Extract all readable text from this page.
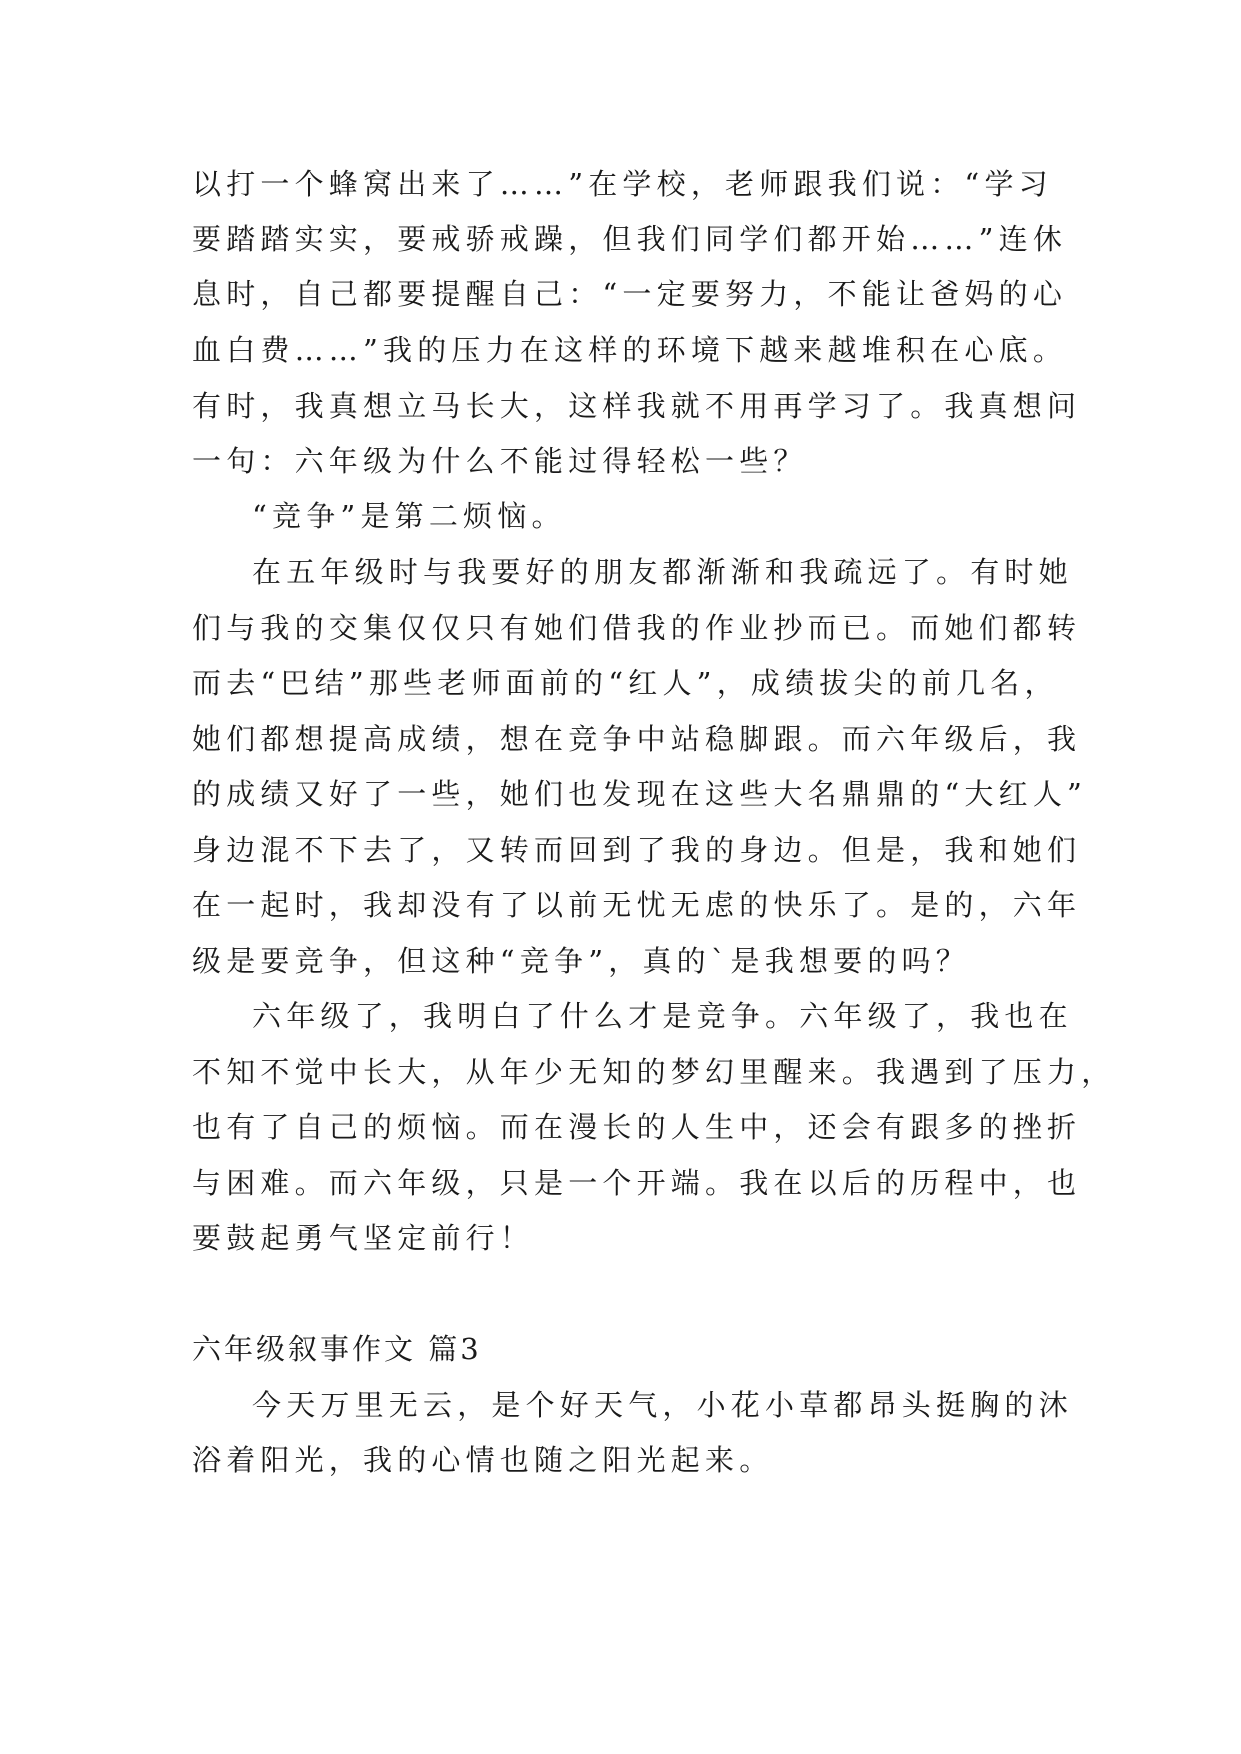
以打一个蜂窝出来了……”在学校，老师跟我们说：“学习

要踏踏实实，要戒骄戒躁，但我们同学们都开始……”连休

息时，自己都要提醒自己：“一定要努力，不能让爸妈的心

血白费……”我的压力在这样的环境下越来越堆积在心底。

有时，我真想立马长大，这样我就不用再学习了。我真想问

一句：六年级为什么不能过得轻松一些？

“竞争”是第二烦恼。

在五年级时与我要好的朋友都渐渐和我疏远了。有时她

们与我的交集仅仅只有她们借我的作业抄而已。而她们都转

而去“巴结”那些老师面前的“红人”，成绩拔尖的前几名，

她们都想提高成绩，想在竞争中站稳脚跟。而六年级后，我

的成绩又好了一些，她们也发现在这些大名鼎鼎的“大红人”

身边混不下去了，又转而回到了我的身边。但是，我和她们

在一起时，我却没有了以前无忧无虑的快乐了。是的，六年

级是要竞争，但这种“竞争”，真的`是我想要的吗？

六年级了，我明白了什么才是竞争。六年级了，我也在

不知不觉中长大，从年少无知的梦幻里醒来。我遇到了压力，

也有了自己的烦恼。而在漫长的人生中，还会有跟多的挫折

与困难。而六年级，只是一个开端。我在以后的历程中，也

要鼓起勇气坚定前行！

六年级叙事作文 篇3

今天万里无云，是个好天气，小花小草都昂头挺胸的沐

浴着阳光，我的心情也随之阳光起来。
